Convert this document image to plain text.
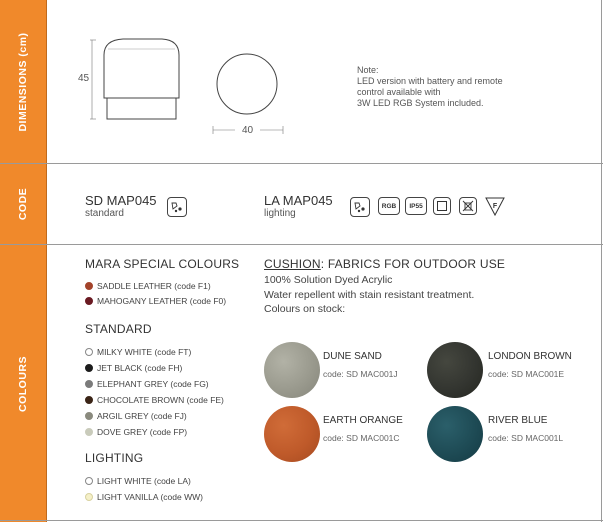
DIMENSIONS (cm)
CODE
COLOURS
45
40
Note:
LED version with battery and remote
control available with
3W LED RGB System included.
SD MAP045
standard
LA MAP045
lighting
RGB	IP55	F
MARA SPECIAL COLOURS
SADDLE LEATHER (code F1)
MAHOGANY LEATHER (code F0)
STANDARD
MILKY WHITE (code FT)
JET BLACK (code FH)
ELEPHANT GREY (code FG)
CHOCOLATE BROWN (code FE)
ARGIL GREY (code FJ)
DOVE GREY (code FP)
LIGHTING
LIGHT WHITE (code LA)
LIGHT VANILLA (code WW)
CUSHION: FABRICS FOR OUTDOOR USE
100% Solution Dyed Acrylic
Water repellent with stain resistant treatment.
Colours on stock:
DUNE SAND
code: SD MAC001J
LONDON BROWN
code: SD MAC001E
EARTH ORANGE
code: SD MAC001C
RIVER BLUE
code: SD MAC001L
